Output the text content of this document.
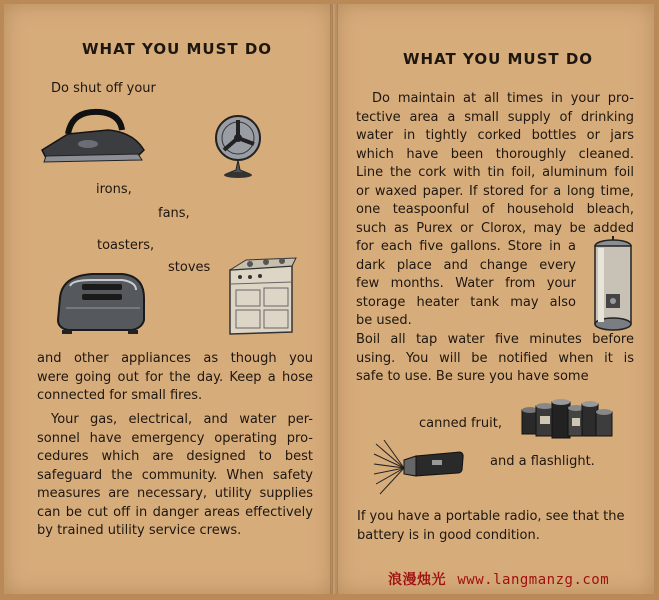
WHAT YOU MUST DO
Do shut off your
irons,
fans,
toasters,
stoves
and other appliances as though you
were going out for the day. Keep a hose
connected for small fires.
Your gas, electrical, and water per-
sonnel have emergency operating pro-
cedures which are designed to best
safeguard the community. When safety
measures are necessary, utility supplies
can be cut off in danger areas effectively
by trained utility service crews.
WHAT YOU MUST DO
Do maintain at all times in your pro-
tective area a small supply of drinking
water in tightly corked bottles or jars
which have been thoroughly cleaned.
Line the cork with tin foil, aluminum foil
or waxed paper. If stored for a long time,
one teaspoonful of household bleach,
such as Purex or Clorox, may be added
for each five gallons. Store in a
dark place and change every
few months. Water from your
storage heater tank may also
be used.
Boil all tap water five minutes before
using. You will be notified when it is
safe to use. Be sure you have some
canned fruit,
and a flashlight.
If you have a portable radio, see that the
battery is in good condition.
浪漫烛光 www.langmanzg.com
